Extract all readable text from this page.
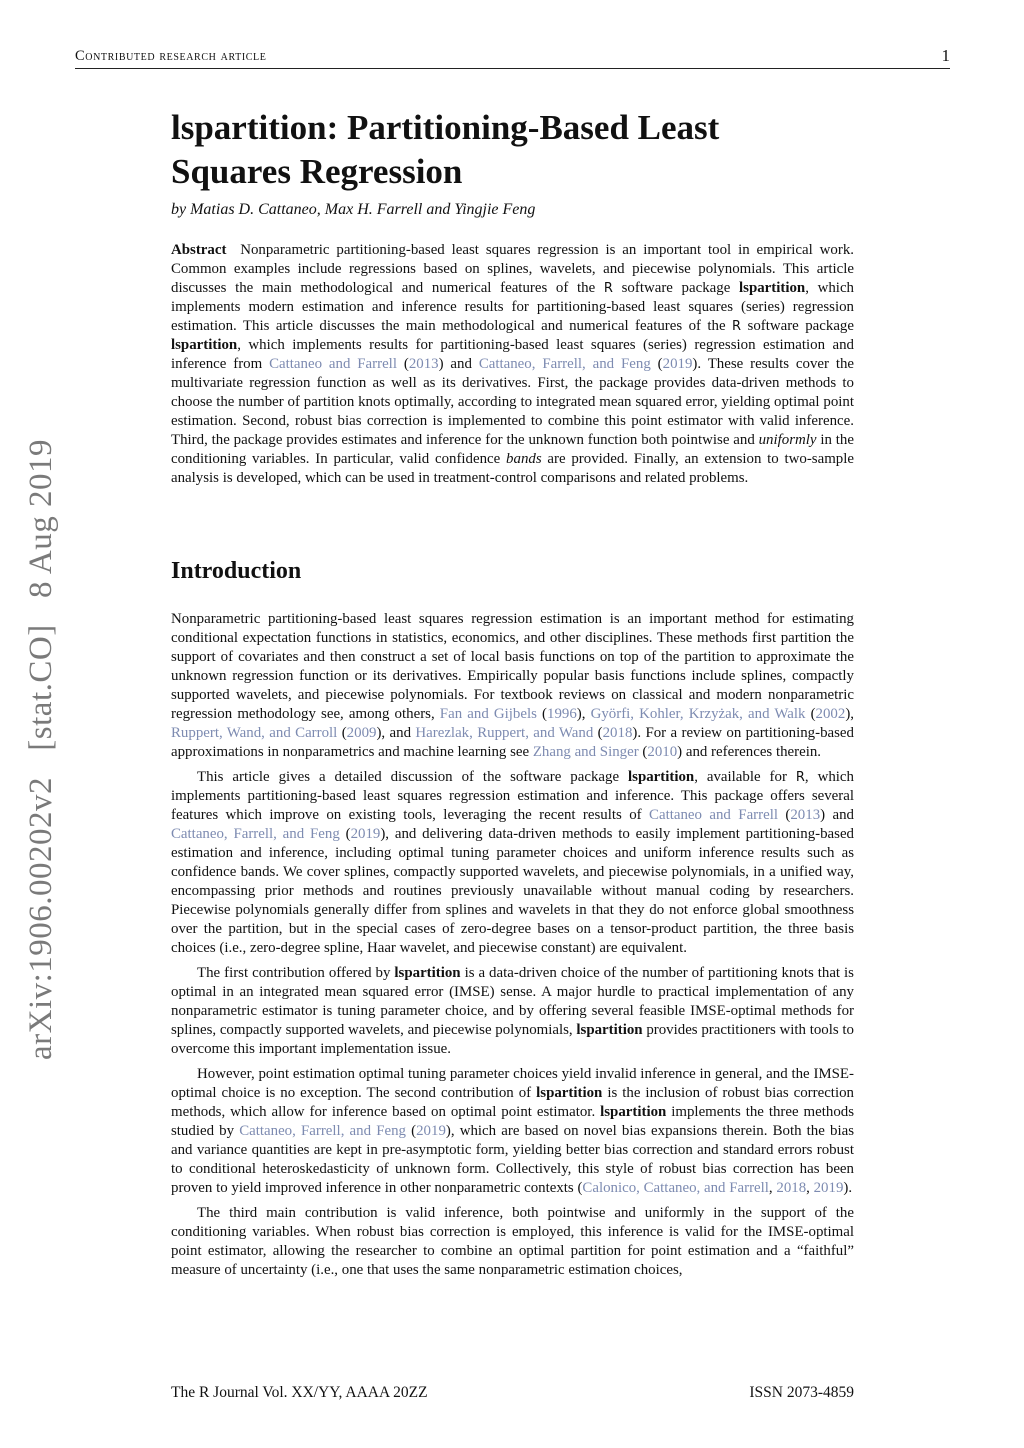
Contributed research article	1
arXiv:1906.00202v2   [stat.CO]   8 Aug 2019
lspartition: Partitioning-Based Least
Squares Regression
by Matias D. Cattaneo, Max H. Farrell and Yingjie Feng

Abstract Nonparametric partitioning-based least squares regression is an important tool in empirical work. Common examples include regressions based on splines, wavelets, and piecewise polynomials. This article discusses the main methodological and numerical features of the R software package lspartition, which implements modern estimation and inference results for partitioning-based least squares (series) regression estimation. This article discusses the main methodological and numerical features of the R software package lspartition, which implements results for partitioning-based least squares (series) regression estimation and inference from Cattaneo and Farrell (2013) and Cattaneo, Farrell, and Feng (2019). These results cover the multivariate regression function as well as its derivatives. First, the package provides data-driven methods to choose the number of partition knots optimally, according to integrated mean squared error, yielding optimal point estimation. Second, robust bias correction is implemented to combine this point estimator with valid inference. Third, the package provides estimates and inference for the unknown function both pointwise and uniformly in the conditioning variables. In particular, valid confidence bands are provided. Finally, an extension to two-sample analysis is developed, which can be used in treatment-control comparisons and related problems.

Introduction

Nonparametric partitioning-based least squares regression estimation is an important method for estimating conditional expectation functions in statistics, economics, and other disciplines. These methods first partition the support of covariates and then construct a set of local basis functions on top of the partition to approximate the unknown regression function or its derivatives. Empirically popular basis functions include splines, compactly supported wavelets, and piecewise polynomials. For textbook reviews on classical and modern nonparametric regression methodology see, among others, Fan and Gijbels (1996), Györfi, Kohler, Krzyżak, and Walk (2002), Ruppert, Wand, and Carroll (2009), and Harezlak, Ruppert, and Wand (2018). For a review on partitioning-based approximations in nonparametrics and machine learning see Zhang and Singer (2010) and references therein.

This article gives a detailed discussion of the software package lspartition, available for R, which implements partitioning-based least squares regression estimation and inference. This package offers several features which improve on existing tools, leveraging the recent results of Cattaneo and Farrell (2013) and Cattaneo, Farrell, and Feng (2019), and delivering data-driven methods to easily implement partitioning-based estimation and inference, including optimal tuning parameter choices and uniform inference results such as confidence bands. We cover splines, compactly supported wavelets, and piecewise polynomials, in a unified way, encompassing prior methods and routines previously unavailable without manual coding by researchers. Piecewise polynomials generally differ from splines and wavelets in that they do not enforce global smoothness over the partition, but in the special cases of zero-degree bases on a tensor-product partition, the three basis choices (i.e., zero-degree spline, Haar wavelet, and piecewise constant) are equivalent.

The first contribution offered by lspartition is a data-driven choice of the number of partitioning knots that is optimal in an integrated mean squared error (IMSE) sense. A major hurdle to practical implementation of any nonparametric estimator is tuning parameter choice, and by offering several feasible IMSE-optimal methods for splines, compactly supported wavelets, and piecewise polynomials, lspartition provides practitioners with tools to overcome this important implementation issue.

However, point estimation optimal tuning parameter choices yield invalid inference in general, and the IMSE-optimal choice is no exception. The second contribution of lspartition is the inclusion of robust bias correction methods, which allow for inference based on optimal point estimator. lspartition implements the three methods studied by Cattaneo, Farrell, and Feng (2019), which are based on novel bias expansions therein. Both the bias and variance quantities are kept in pre-asymptotic form, yielding better bias correction and standard errors robust to conditional heteroskedasticity of unknown form. Collectively, this style of robust bias correction has been proven to yield improved inference in other nonparametric contexts (Calonico, Cattaneo, and Farrell, 2018, 2019).

The third main contribution is valid inference, both pointwise and uniformly in the support of the conditioning variables. When robust bias correction is employed, this inference is valid for the IMSE-optimal point estimator, allowing the researcher to combine an optimal partition for point estimation and a “faithful” measure of uncertainty (i.e., one that uses the same nonparametric estimation choices,

The R Journal Vol. XX/YY, AAAA 20ZZ	ISSN 2073-4859
